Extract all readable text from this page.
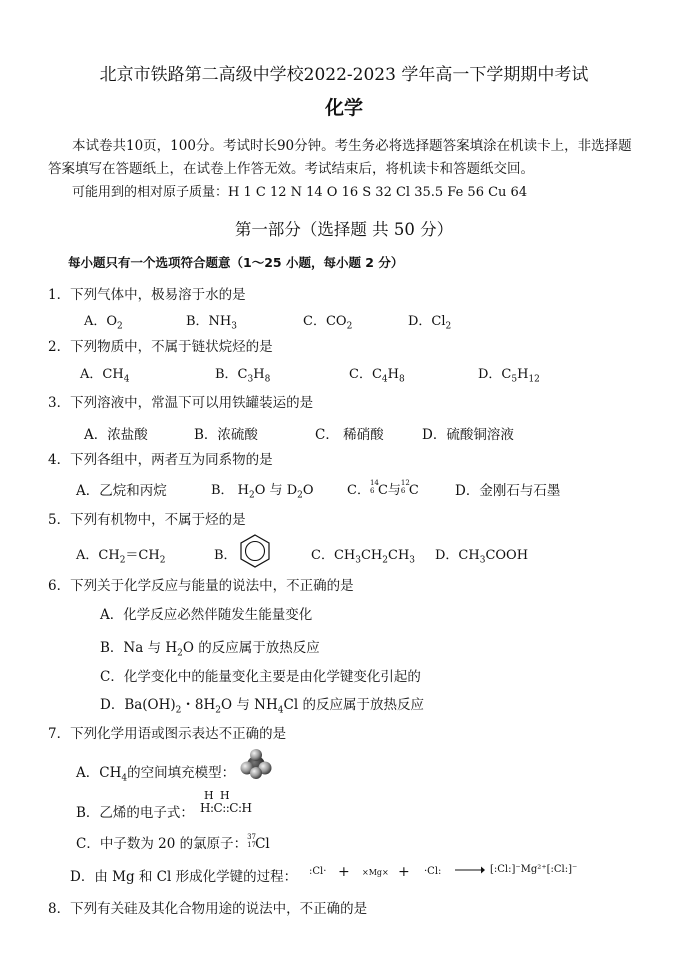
北京市铁路第二高级中学校2022-2023 学年高一下学期期中考试
化学
本试卷共10页，100分。考试时长90分钟。考生务必将选择题答案填涂在机读卡上，非选择题
答案填写在答题纸上，在试卷上作答无效。考试结束后，将机读卡和答题纸交回。
可能用到的相对原子质量：H 1 C 12 N 14 O 16 S 32 Cl 35.5 Fe 56 Cu 64
第一部分（选择题 共 50 分）
每小题只有一个选项符合题意（1～25 小题，每小题 2 分）
1．下列气体中，极易溶于水的是
A．$O_2$	B．$NH_3$	C．$CO_2$	D．$Cl_2$
2．下列物质中，不属于链状烷烃的是
A．$CH_4$	B．$C_3H_8$	C．$C_4H_8$	D．$C_5H_{12}$
3．下列溶液中，常温下可以用铁罐装运的是
A．浓盐酸	B．浓硫酸	C． 稀硝酸	D．硫酸铜溶液
4．下列各组中，两者互为同系物的是
A．乙烷和丙烷	B． $H_2O$ 与 $D_2O$	C． 14
6 C与 12
6 C	D．金刚石与石墨
5．下列有机物中，不属于烃的是
A．$CH_2=CH_2$	B．	C．$CH_3CH_2CH_3$ D．$CH_3COOH$
6．下列关于化学反应与能量的说法中，不正确的是
A．化学反应必然伴随发生能量变化
B．Na 与 $H_2O$ 的反应属于放热反应
C．化学变化中的能量变化主要是由化学键变化引起的
D．$Ba(OH)_2$・$8H_2O$ 与 $NH_4Cl$ 的反应属于放热反应
7．下列化学用语或图示表达不正确的是
A．$CH_4$的空间填充模型：
B．乙烯的电子式：
H H
H:C::C:H
C．中子数为 20 的氯原子： 37
17 Cl
D．由 Mg 和 Cl 形成化学键的过程： :Cl· + ×Mg× + ·Cl: → [:Cl:]⁻Mg²⁺[:Cl:]⁻
8．下列有关硅及其化合物用途的说法中，不正确的是
